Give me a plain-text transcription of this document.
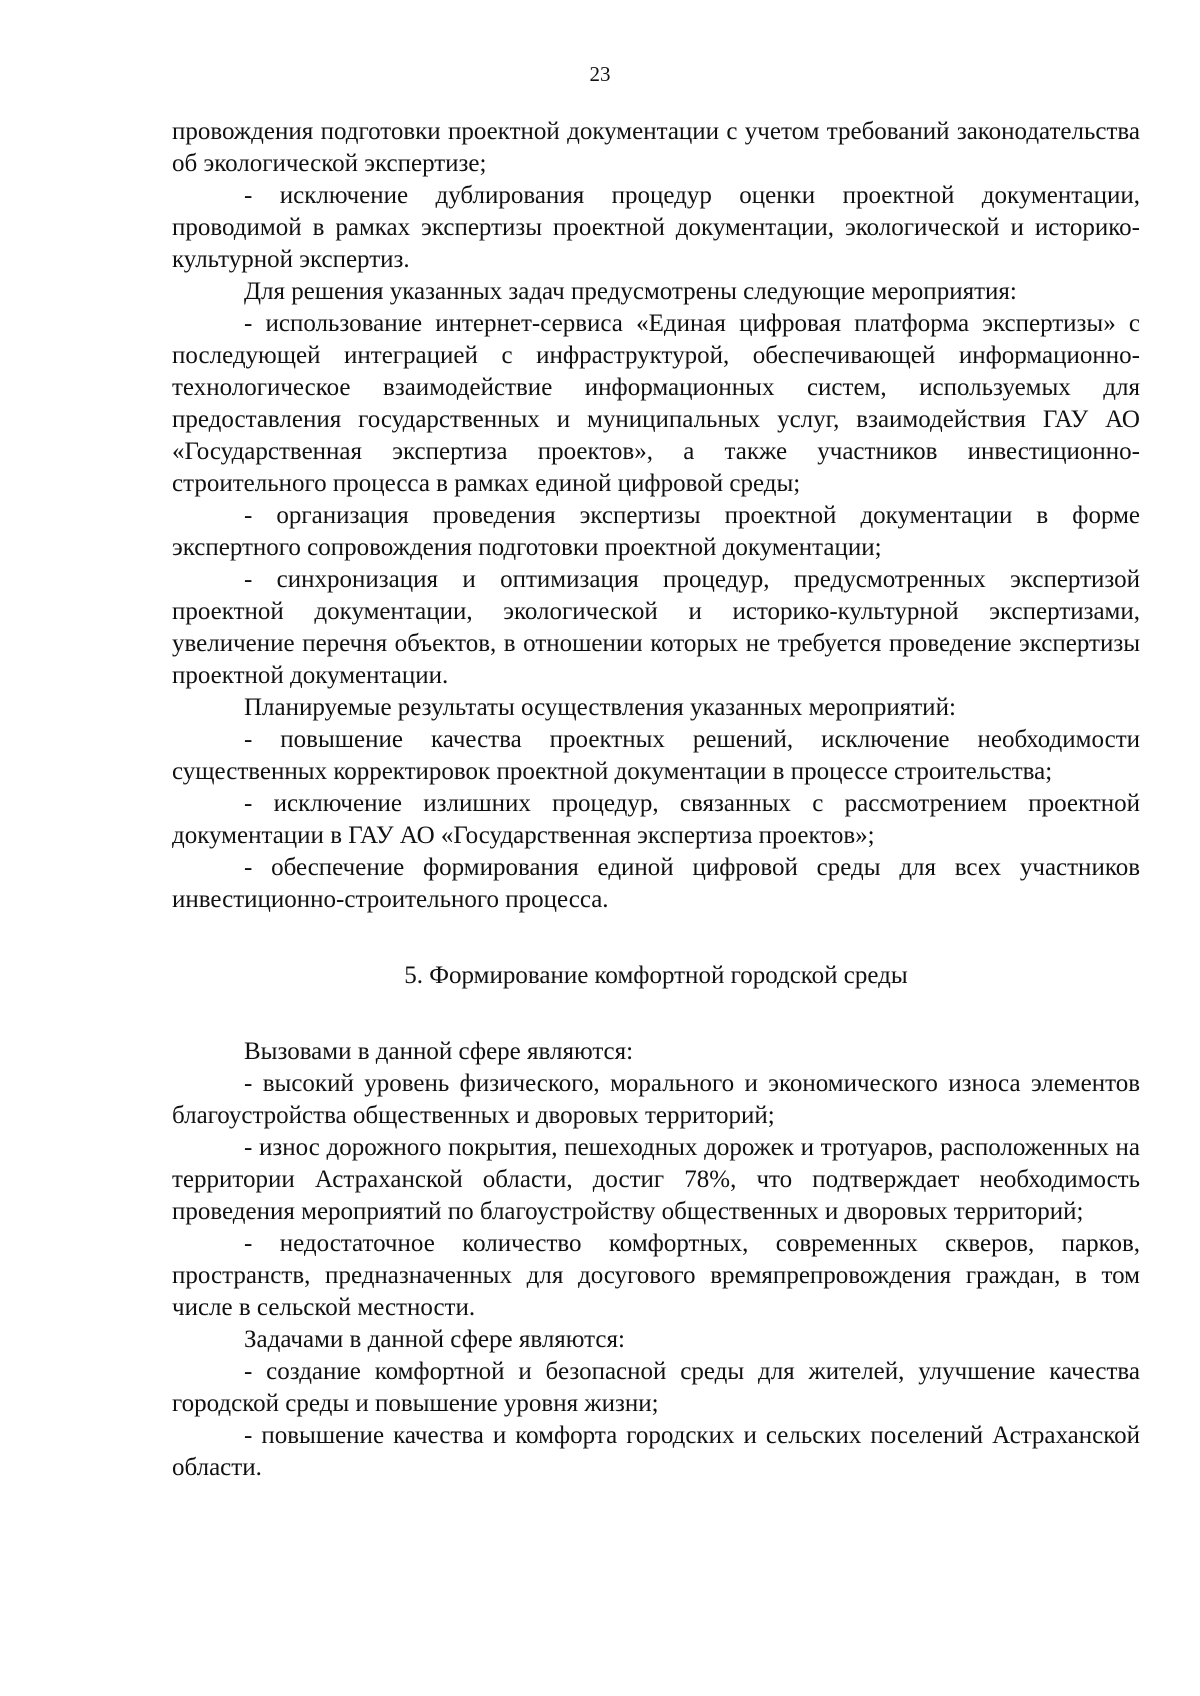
23

провождения подготовки проектной документации с учетом требований законодательства об экологической экспертизе;

- исключение дублирования процедур оценки проектной документации, проводимой в рамках экспертизы проектной документации, экологической и историко-культурной экспертиз.

Для решения указанных задач предусмотрены следующие мероприятия:

- использование интернет-сервиса «Единая цифровая платформа экспертизы» с последующей интеграцией с инфраструктурой, обеспечивающей информационно-технологическое взаимодействие информационных систем, используемых для предоставления государственных и муниципальных услуг, взаимодействия ГАУ АО «Государственная экспертиза проектов», а также участников инвестиционно-строительного процесса в рамках единой цифровой среды;

- организация проведения экспертизы проектной документации в форме экспертного сопровождения подготовки проектной документации;

- синхронизация и оптимизация процедур, предусмотренных экспертизой проектной документации, экологической и историко-культурной экспертизами, увеличение перечня объектов, в отношении которых не требуется проведение экспертизы проектной документации.

Планируемые результаты осуществления указанных мероприятий:

- повышение качества проектных решений, исключение необходимости существенных корректировок проектной документации в процессе строительства;

- исключение излишних процедур, связанных с рассмотрением проектной документации в ГАУ АО «Государственная экспертиза проектов»;

- обеспечение формирования единой цифровой среды для всех участников инвестиционно-строительного процесса.

5. Формирование комфортной городской среды

Вызовами в данной сфере являются:

- высокий уровень физического, морального и экономического износа элементов благоустройства общественных и дворовых территорий;

- износ дорожного покрытия, пешеходных дорожек и тротуаров, расположенных на территории Астраханской области, достиг 78%, что подтверждает необходимость проведения мероприятий по благоустройству общественных и дворовых территорий;

- недостаточное количество комфортных, современных скверов, парков, пространств, предназначенных для досугового времяпрепровождения граждан, в том числе в сельской местности.

Задачами в данной сфере являются:

- создание комфортной и безопасной среды для жителей, улучшение качества городской среды и повышение уровня жизни;

- повышение качества и комфорта городских и сельских поселений Астраханской области.
